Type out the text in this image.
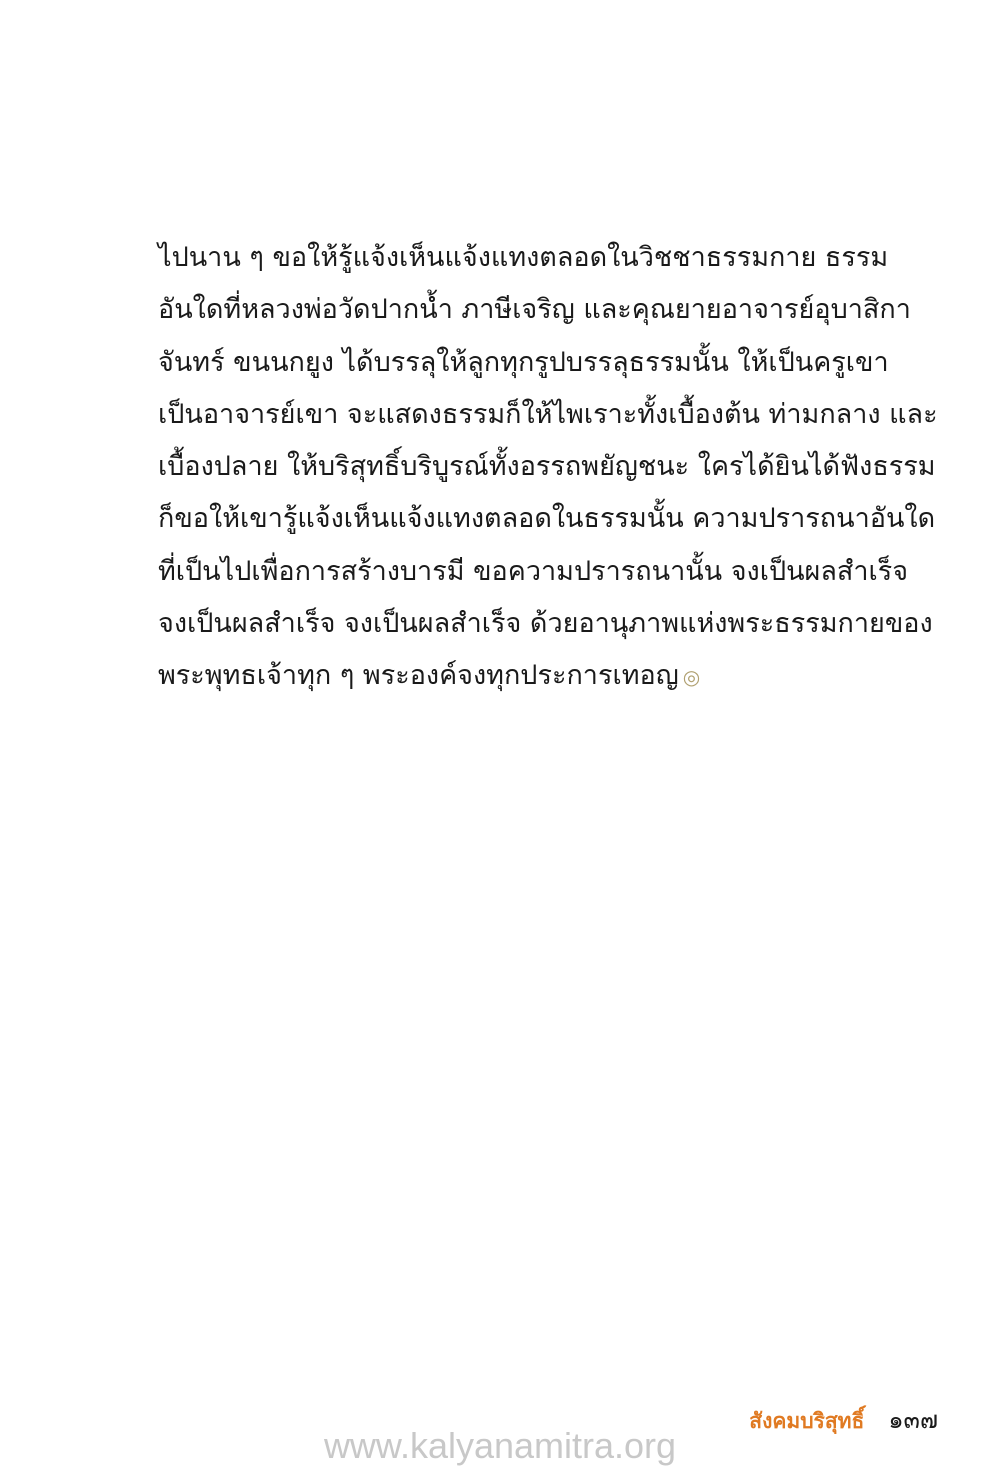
ไปนาน ๆ ขอให้รู้แจ้งเห็นแจ้งแทงตลอดในวิชชาธรรมกาย ธรรม
อันใดที่หลวงพ่อวัดปากน้ำ ภาษีเจริญ และคุณยายอาจารย์อุบาสิกา
จันทร์ ขนนกยูง ได้บรรลุให้ลูกทุกรูปบรรลุธรรมนั้น ให้เป็นครูเขา
เป็นอาจารย์เขา จะแสดงธรรมก็ให้ไพเราะทั้งเบื้องต้น ท่ามกลาง และ
เบื้องปลาย ให้บริสุทธิ์บริบูรณ์ทั้งอรรถพยัญชนะ ใครได้ยินได้ฟังธรรม
ก็ขอให้เขารู้แจ้งเห็นแจ้งแทงตลอดในธรรมนั้น ความปรารถนาอันใด
ที่เป็นไปเพื่อการสร้างบารมี ขอความปรารถนานั้น จงเป็นผลสำเร็จ
จงเป็นผลสำเร็จ จงเป็นผลสำเร็จ ด้วยอานุภาพแห่งพระธรรมกายของ
พระพุทธเจ้าทุก ๆ พระองค์จงทุกประการเทอญ ◎
สังคมบริสุทธิ์ ๑๓๗
www.kalyanamitra.org
